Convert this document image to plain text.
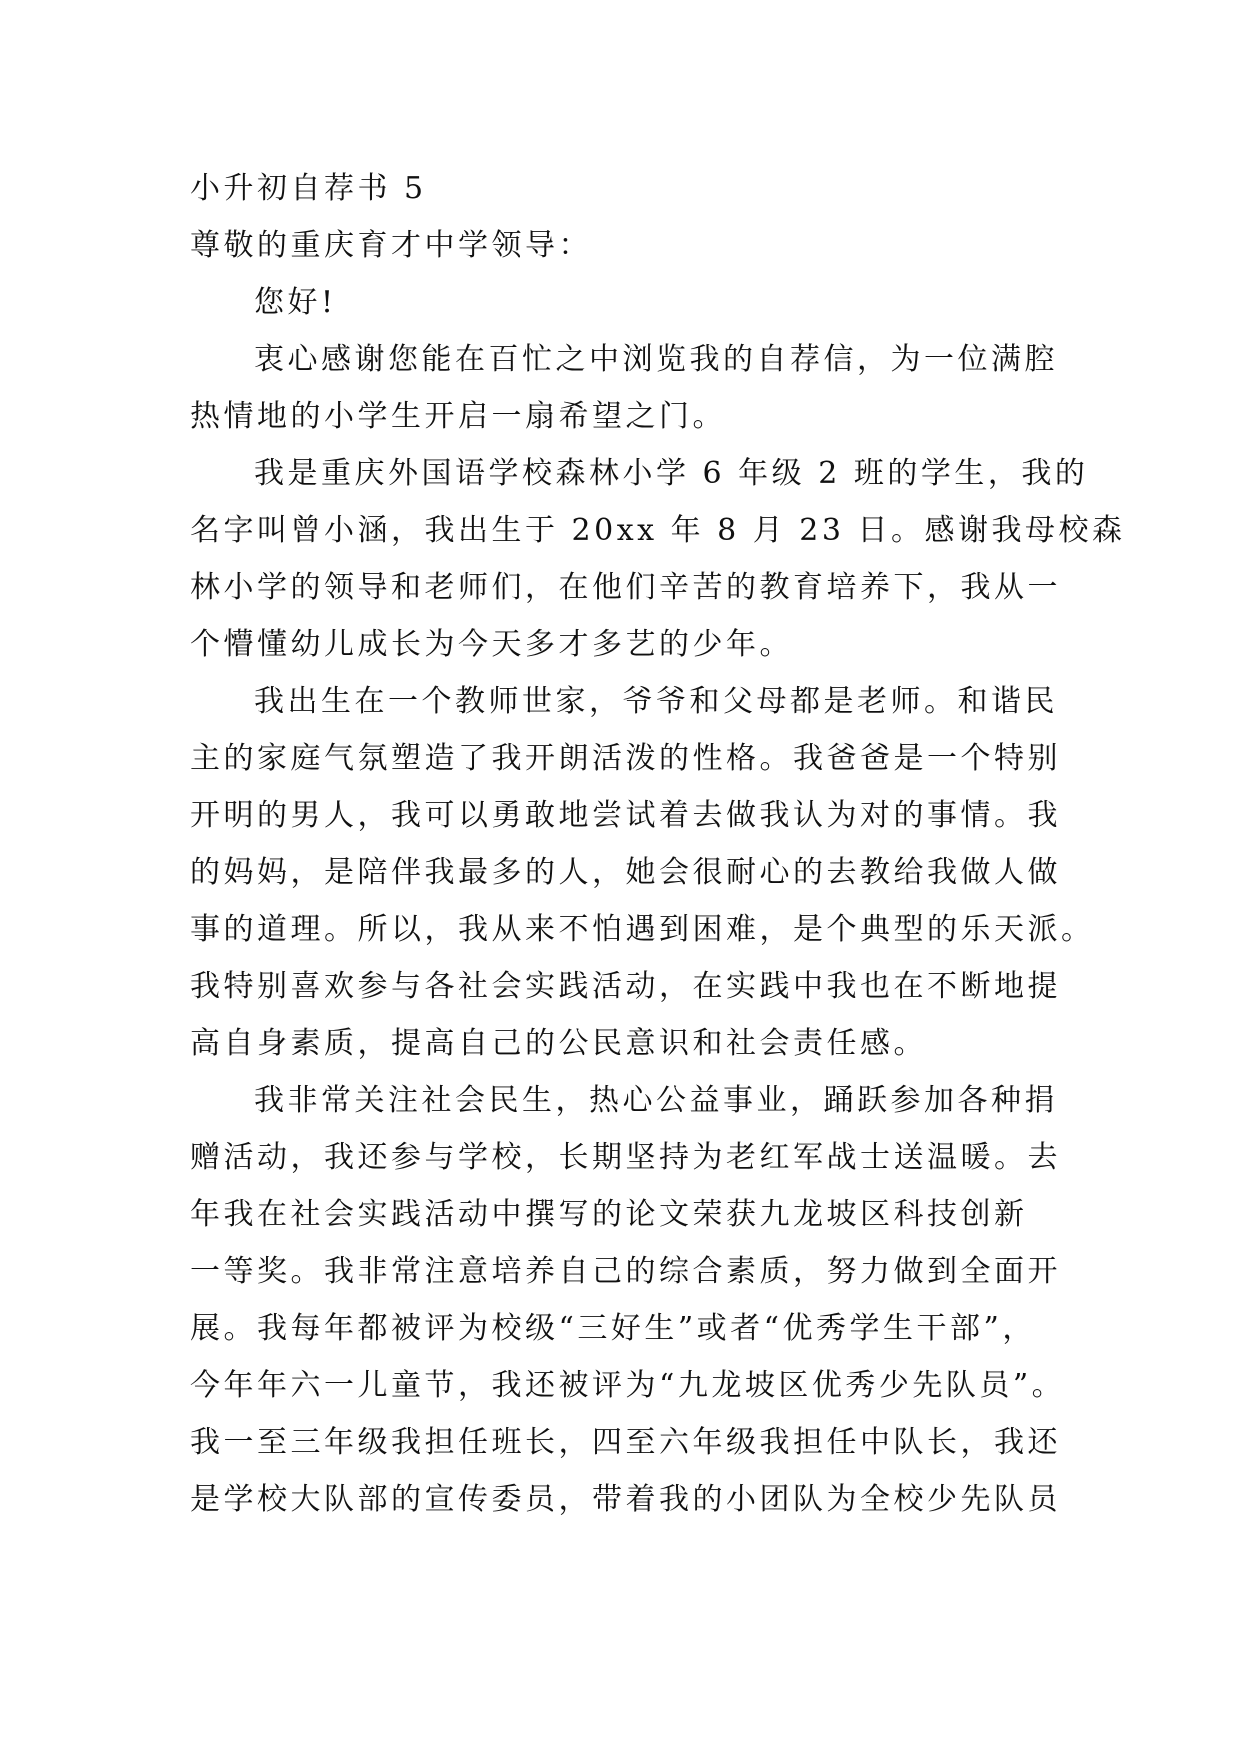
小升初自荐书 5
尊敬的重庆育才中学领导：
您好!
衷心感谢您能在百忙之中浏览我的自荐信，为一位满腔
热情地的小学生开启一扇希望之门。
我是重庆外国语学校森林小学 6 年级 2 班的学生，我的
名字叫曾小涵，我出生于 20xx 年 8 月 23 日。感谢我母校森
林小学的领导和老师们，在他们辛苦的教育培养下，我从一
个懵懂幼儿成长为今天多才多艺的少年。
我出生在一个教师世家，爷爷和父母都是老师。和谐民
主的家庭气氛塑造了我开朗活泼的性格。我爸爸是一个特别
开明的男人，我可以勇敢地尝试着去做我认为对的事情。我
的妈妈，是陪伴我最多的人，她会很耐心的去教给我做人做
事的道理。所以，我从来不怕遇到困难，是个典型的乐天派。
我特别喜欢参与各社会实践活动，在实践中我也在不断地提
高自身素质，提高自己的公民意识和社会责任感。
我非常关注社会民生，热心公益事业，踊跃参加各种捐
赠活动，我还参与学校，长期坚持为老红军战士送温暖。去
年我在社会实践活动中撰写的论文荣获九龙坡区科技创新
一等奖。我非常注意培养自己的综合素质，努力做到全面开
展。我每年都被评为校级“三好生”或者“优秀学生干部”，
今年年六一儿童节，我还被评为“九龙坡区优秀少先队员”。
我一至三年级我担任班长，四至六年级我担任中队长，我还
是学校大队部的宣传委员，带着我的小团队为全校少先队员
